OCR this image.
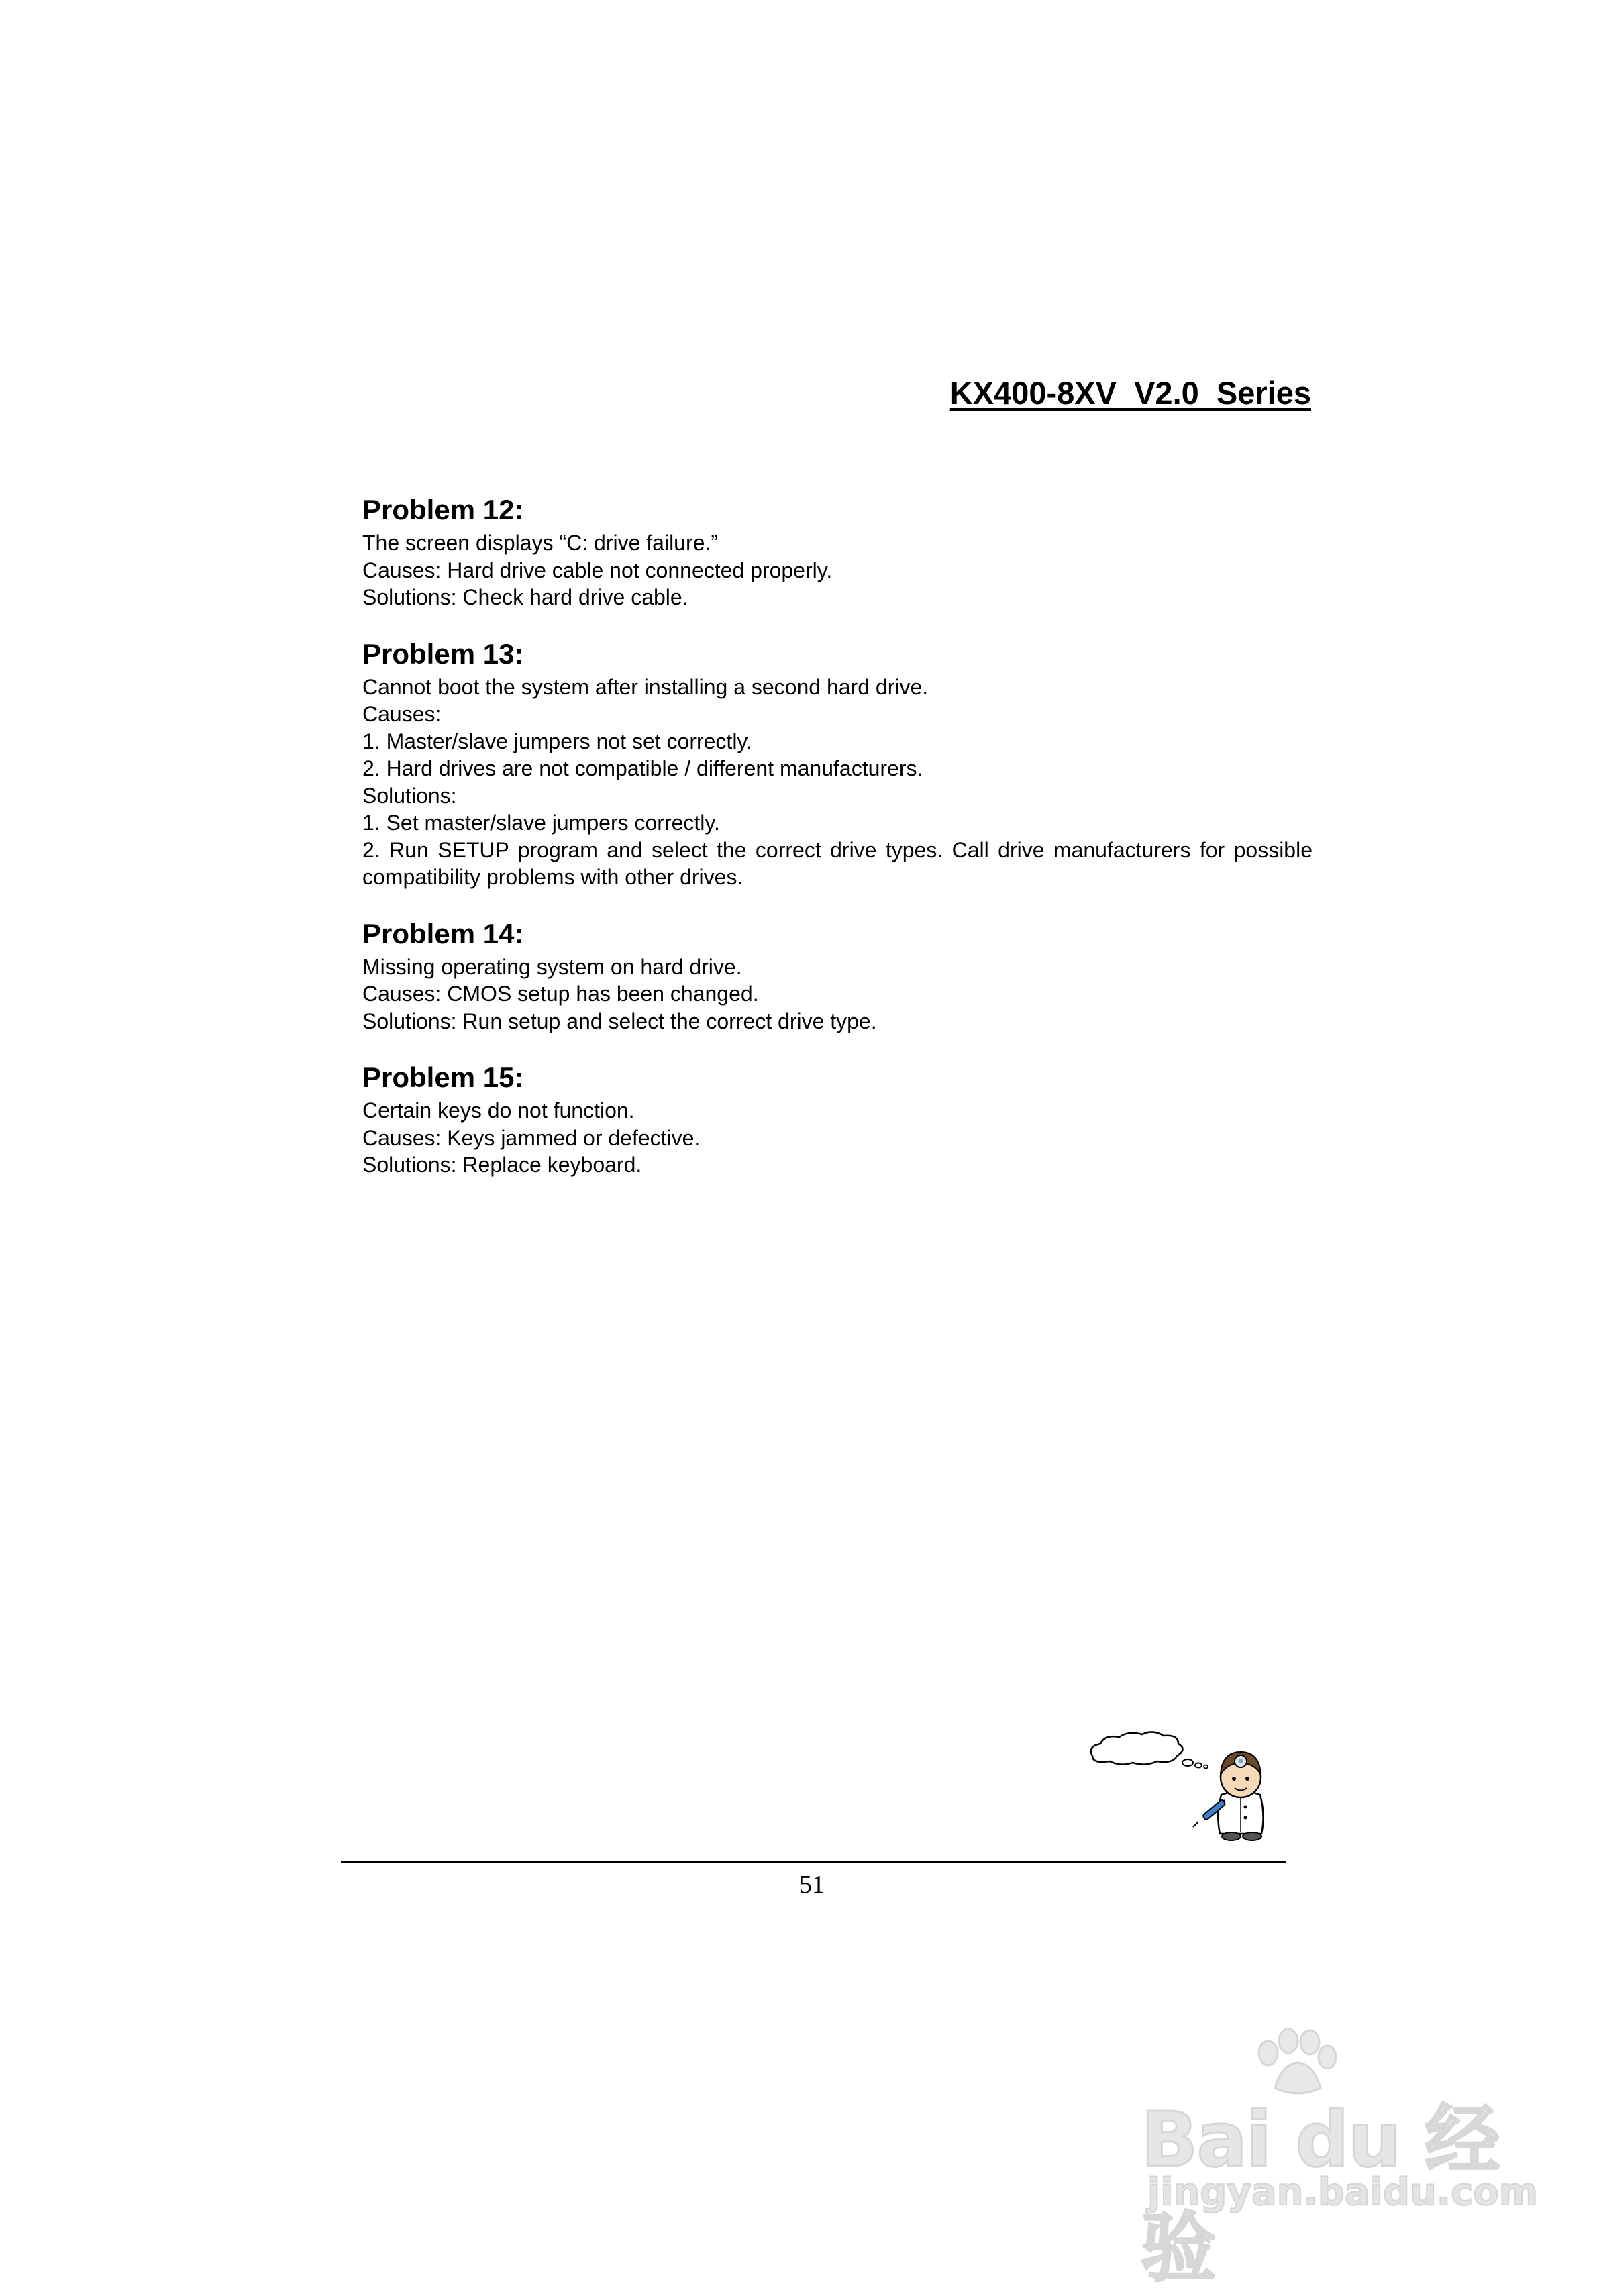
KX400-8XV  V2.0  Series
Problem 12:

The screen displays “C: drive failure.”

Causes: Hard drive cable not connected properly.

Solutions: Check hard drive cable.

Problem 13:

Cannot boot the system after installing a second hard drive.

Causes:

1. Master/slave jumpers not set correctly.

2. Hard drives are not compatible / different manufacturers.

Solutions:

1. Set master/slave jumpers correctly.

2. Run SETUP program and select the correct drive types. Call drive manufacturers for possible compatibility problems with other drives.

Problem 14:

Missing operating system on hard drive.

Causes: CMOS setup has been changed.

Solutions: Run setup and select the correct drive type.

Problem 15:

Certain keys do not function.

Causes: Keys jammed or defective.

Solutions: Replace keyboard.

51
Bai du 经验
jingyan.baidu.com
